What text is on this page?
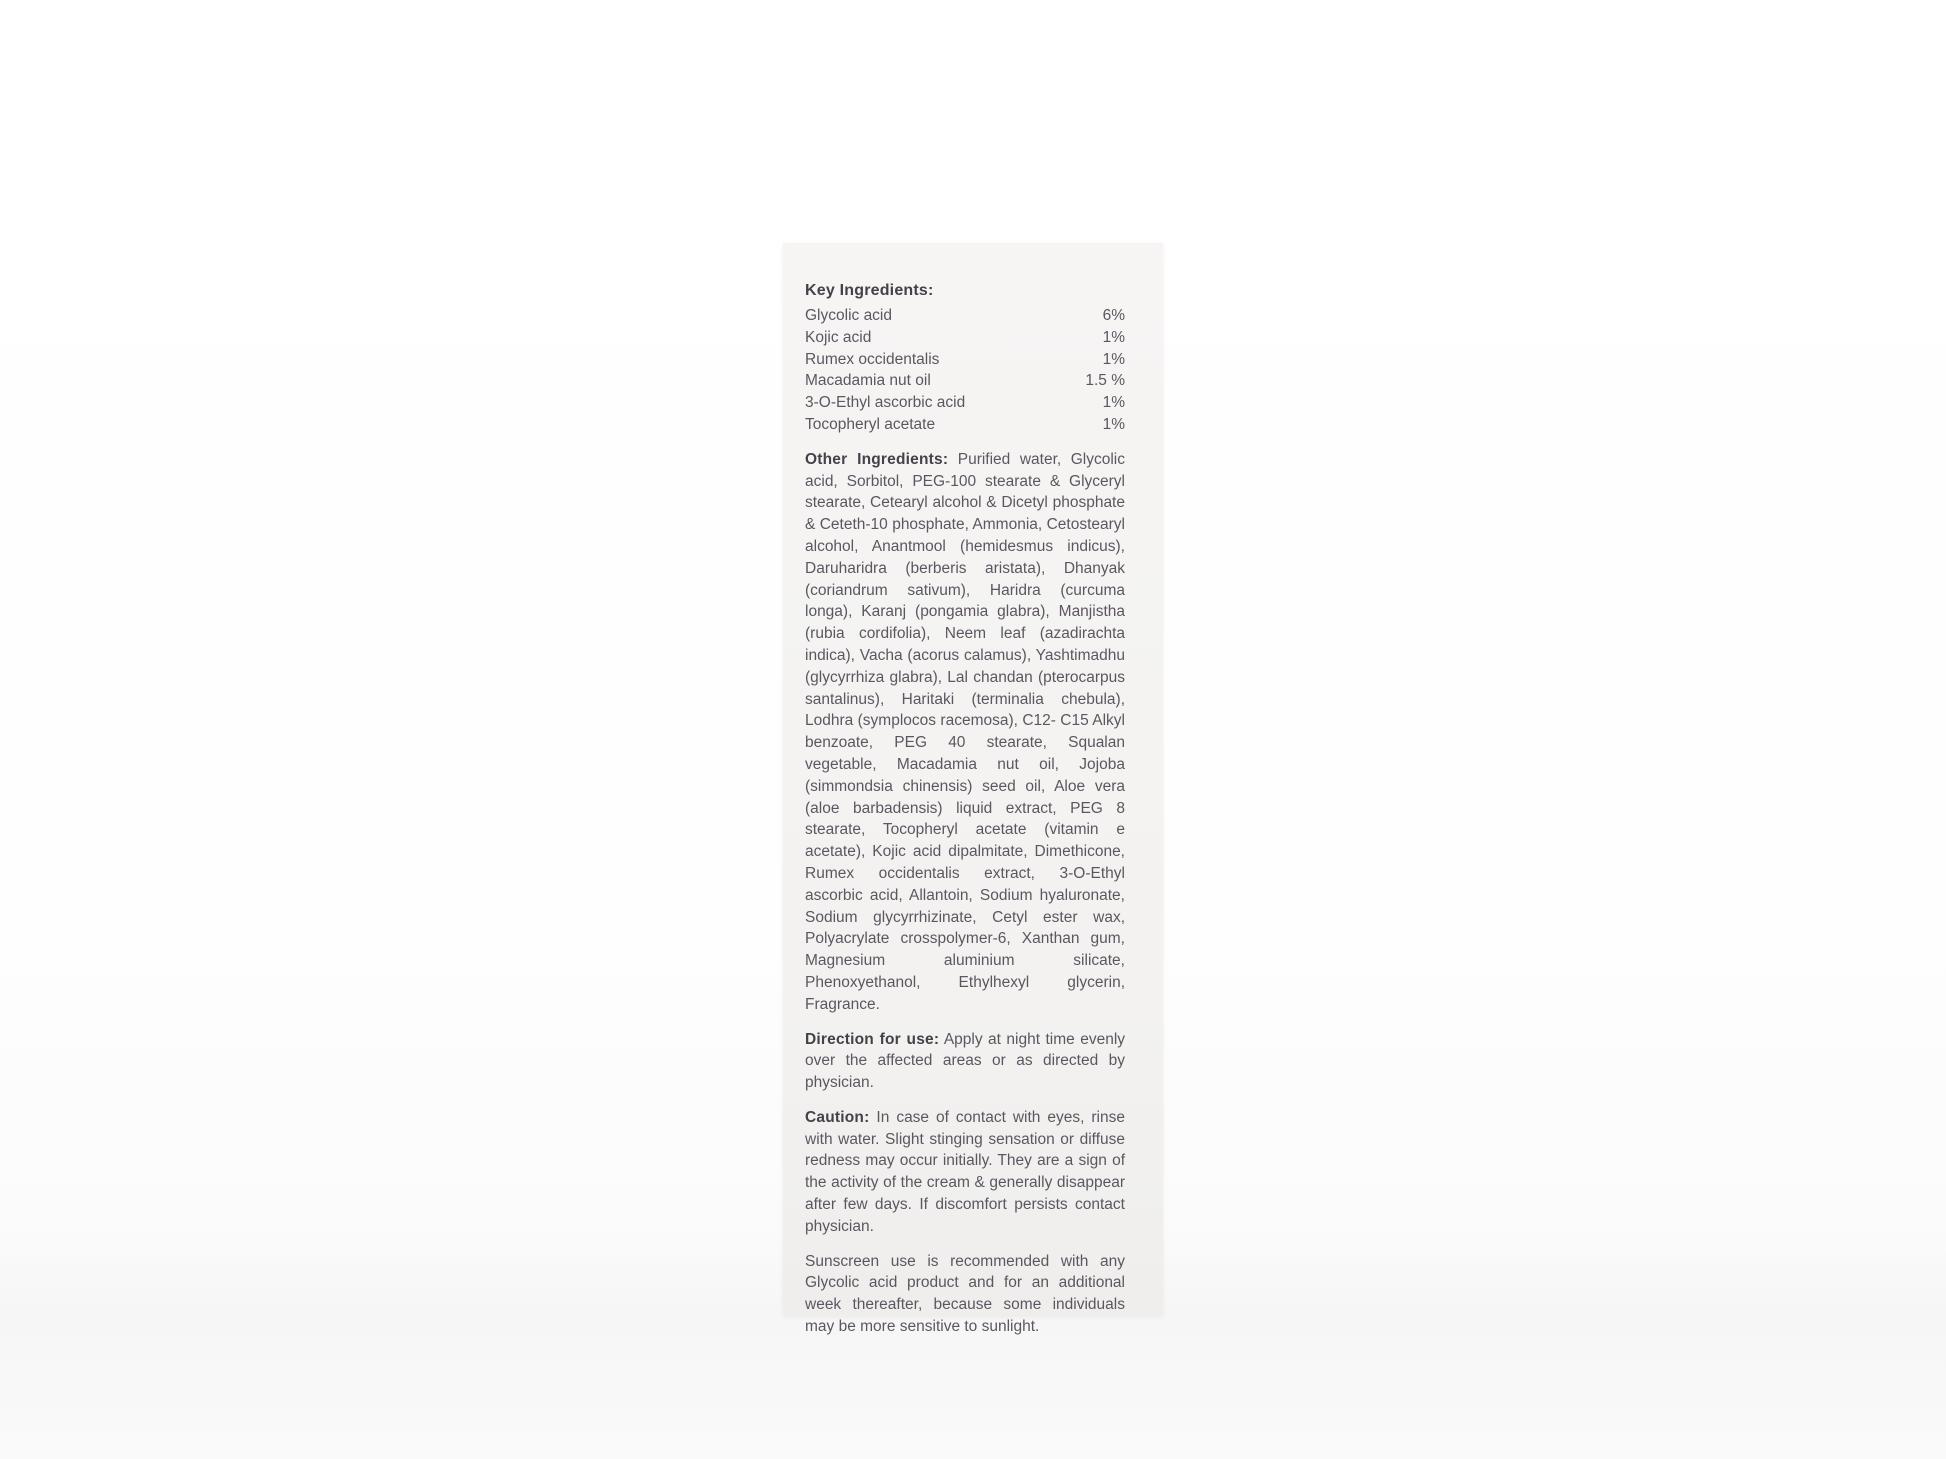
Key Ingredients:
Glycolic acid	6%
Kojic acid	1%
Rumex occidentalis	1%
Macadamia nut oil	1.5 %
3-O-Ethyl ascorbic acid	1%
Tocopheryl acetate	1%

Other Ingredients: Purified water, Glycolic acid, Sorbitol, PEG-100 stearate & Glyceryl stearate, Cetearyl alcohol & Dicetyl phosphate & Ceteth-10 phosphate, Ammonia, Cetostearyl alcohol, Anantmool (hemidesmus indicus), Daruharidra (berberis aristata), Dhanyak (coriandrum sativum), Haridra (curcuma longa), Karanj (pongamia glabra), Manjistha (rubia cordifolia), Neem leaf (azadirachta indica), Vacha (acorus calamus), Yashtimadhu (glycyrrhiza glabra), Lal chandan (pterocarpus santalinus), Haritaki (terminalia chebula), Lodhra (symplocos racemosa), C12- C15 Alkyl benzoate, PEG 40 stearate, Squalan vegetable, Macadamia nut oil, Jojoba (simmondsia chinensis) seed oil, Aloe vera (aloe barbadensis) liquid extract, PEG 8 stearate, Tocopheryl acetate (vitamin e acetate), Kojic acid dipalmitate, Dimethicone, Rumex occidentalis extract, 3-O-Ethyl ascorbic acid, Allantoin, Sodium hyaluronate, Sodium glycyrrhizinate, Cetyl ester wax, Polyacrylate crosspolymer-6, Xanthan gum, Magnesium aluminium silicate, Phenoxyethanol, Ethylhexyl glycerin, Fragrance.

Direction for use: Apply at night time evenly over the affected areas or as directed by physician.

Caution: In case of contact with eyes, rinse with water. Slight stinging sensation or diffuse redness may occur initially. They are a sign of the activity of the cream & generally disappear after few days. If discomfort persists contact physician.

Sunscreen use is recommended with any Glycolic acid product and for an additional week thereafter, because some individuals may be more sensitive to sunlight.
